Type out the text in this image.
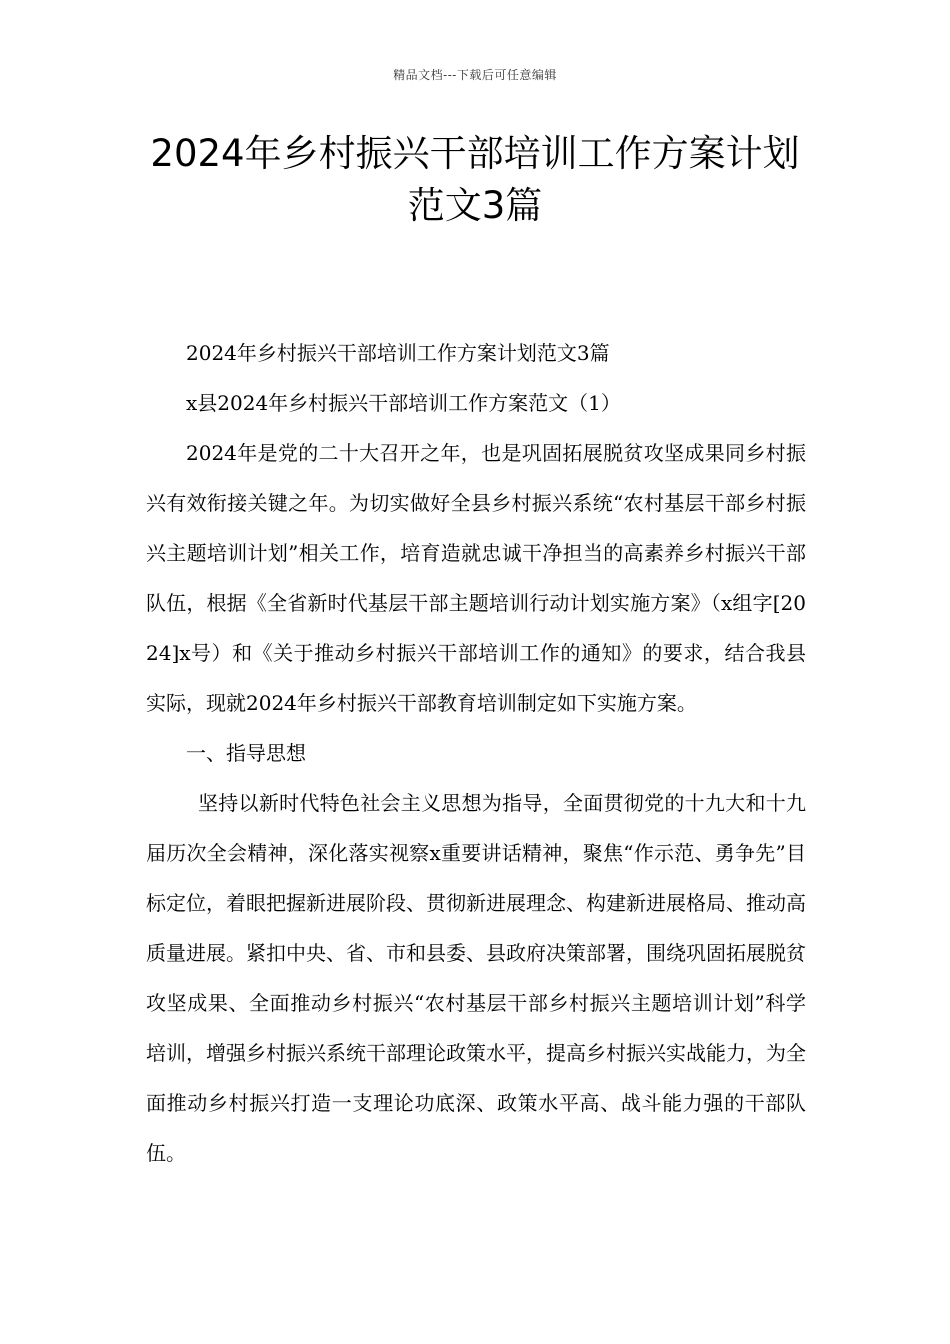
精品文档---下载后可任意编辑
2024年乡村振兴干部培训工作方案计划
范文3篇

2024年乡村振兴干部培训工作方案计划范文3篇

x县2024年乡村振兴干部培训工作方案范文（1）

2024年是党的二十大召开之年，也是巩固拓展脱贫攻坚成果同乡村振兴有效衔接关键之年。为切实做好全县乡村振兴系统“农村基层干部乡村振兴主题培训计划”相关工作，培育造就忠诚干净担当的高素养乡村振兴干部队伍，根据《全省新时代基层干部主题培训行动计划实施方案》（x组字[2024]x号）和《关于推动乡村振兴干部培训工作的通知》的要求，结合我县实际，现就2024年乡村振兴干部教育培训制定如下实施方案。

一、指导思想

坚持以新时代特色社会主义思想为指导，全面贯彻党的十九大和十九届历次全会精神，深化落实视察x重要讲话精神，聚焦“作示范、勇争先”目标定位，着眼把握新进展阶段、贯彻新进展理念、构建新进展格局、推动高质量进展。紧扣中央、省、市和县委、县政府决策部署，围绕巩固拓展脱贫攻坚成果、全面推动乡村振兴“农村基层干部乡村振兴主题培训计划”科学培训，增强乡村振兴系统干部理论政策水平，提高乡村振兴实战能力，为全面推动乡村振兴打造一支理论功底深、政策水平高、战斗能力强的干部队伍。
